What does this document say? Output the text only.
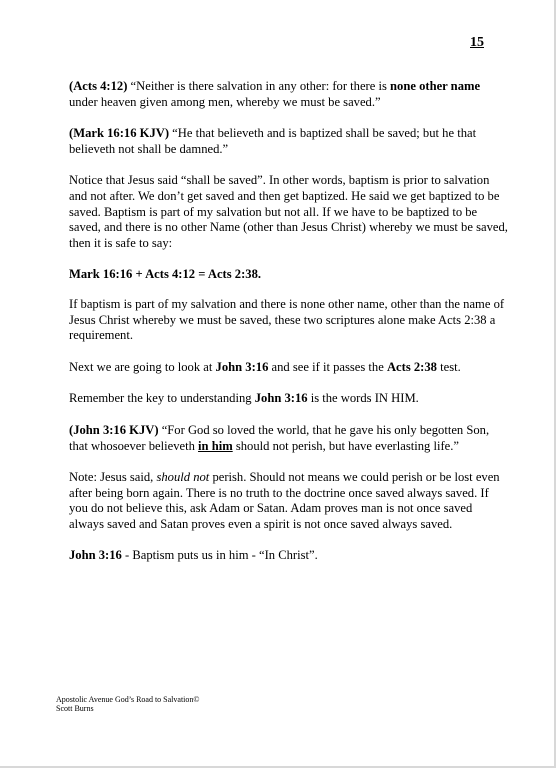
15

(Acts 4:12) “Neither is there salvation in any other: for there is none other name under heaven given among men, whereby we must be saved.”

(Mark 16:16 KJV) “He that believeth and is baptized shall be saved; but he that believeth not shall be damned.”

Notice that Jesus said “shall be saved”. In other words, baptism is prior to salvation and not after. We don’t get saved and then get baptized. He said we get baptized to be saved. Baptism is part of my salvation but not all. If we have to be baptized to be saved, and there is no other Name (other than Jesus Christ) whereby we must be saved, then it is safe to say:

Mark 16:16 + Acts 4:12 = Acts 2:38.

If baptism is part of my salvation and there is none other name, other than the name of Jesus Christ whereby we must be saved, these two scriptures alone make Acts 2:38 a requirement.

Next we are going to look at John 3:16 and see if it passes the Acts 2:38 test.

Remember the key to understanding John 3:16 is the words IN HIM.

(John 3:16 KJV) “For God so loved the world, that he gave his only begotten Son, that whosoever believeth in him should not perish, but have everlasting life.”

Note: Jesus said, should not perish. Should not means we could perish or be lost even after being born again. There is no truth to the doctrine once saved always saved. If you do not believe this, ask Adam or Satan. Adam proves man is not once saved always saved and Satan proves even a spirit is not once saved always saved.

John 3:16 - Baptism puts us in him - “In Christ”.

Apostolic Avenue God’s Road to Salvation©
Scott Burns
